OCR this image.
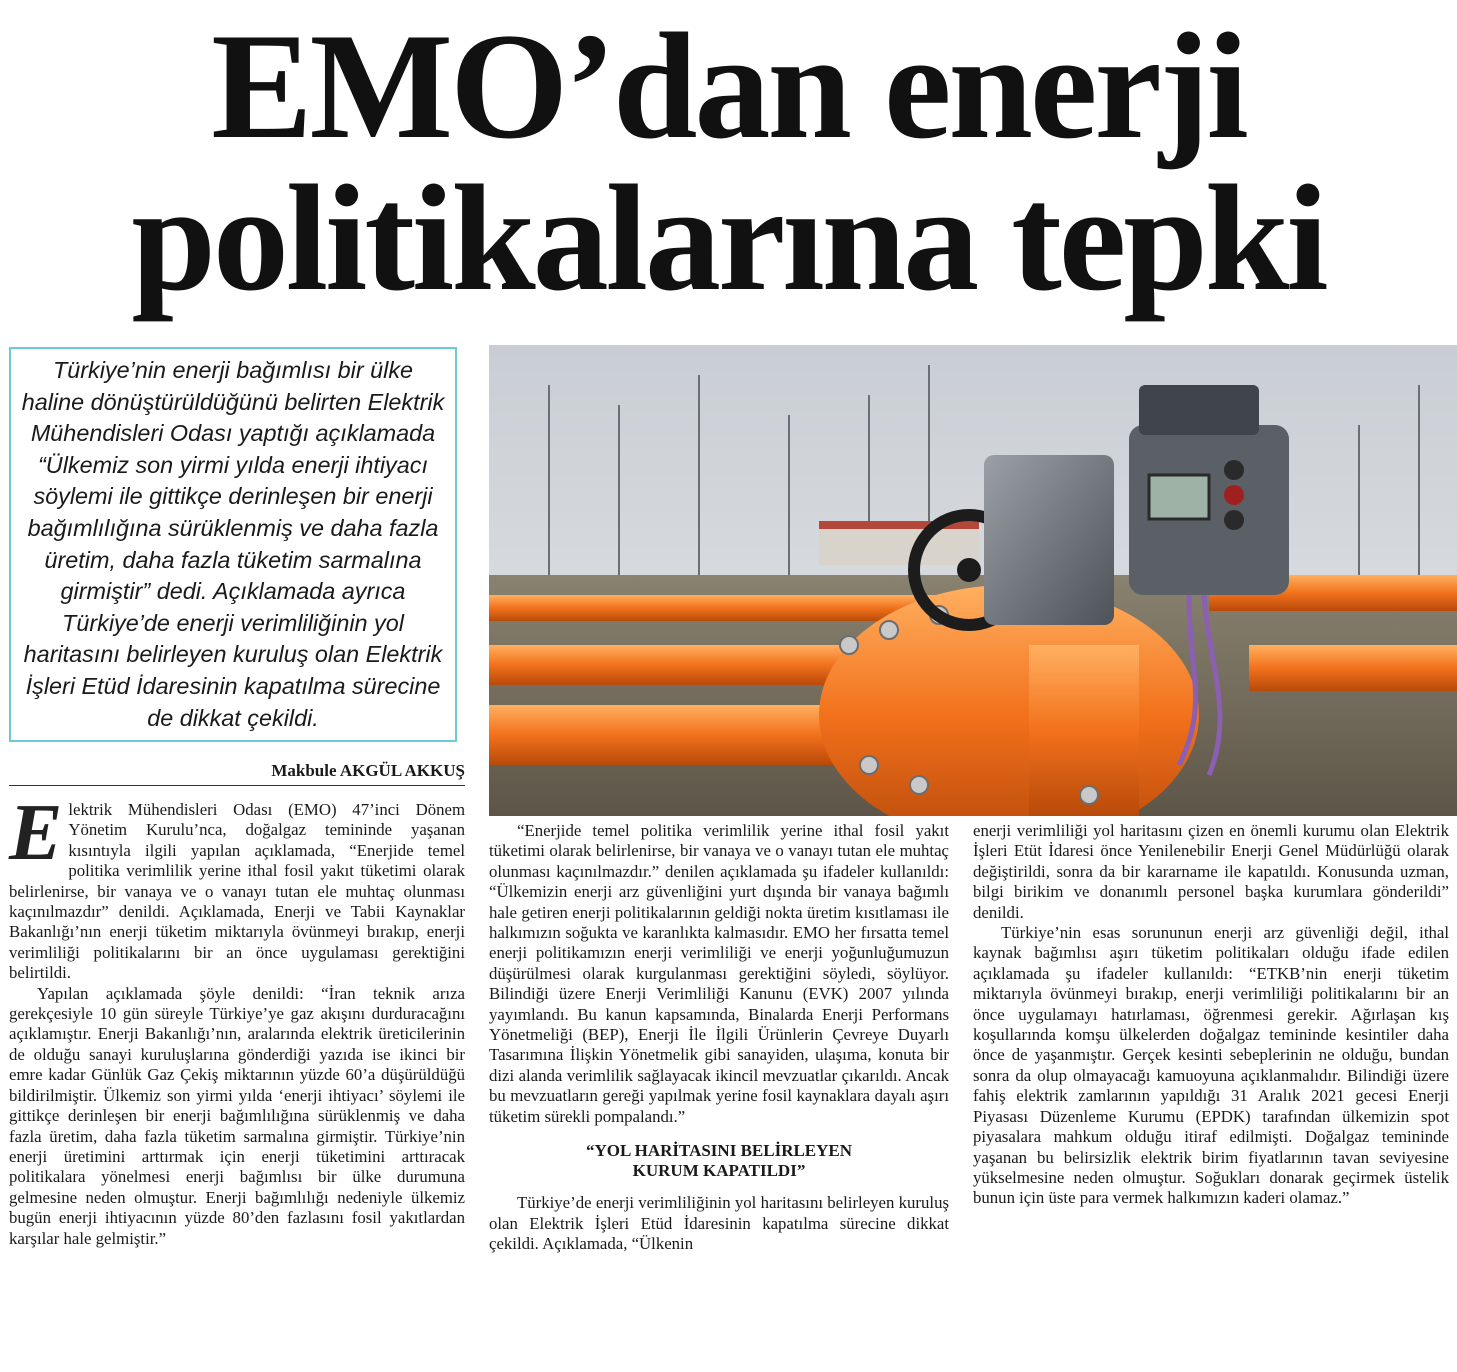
EMO’dan enerji
politikalarına tepki
Türkiye’nin enerji bağımlısı bir ülke haline dönüştürüldüğünü belirten Elektrik Mühendisleri Odası yaptığı açıklamada “Ülkemiz son yirmi yılda enerji ihtiyacı söylemi ile gittikçe derinleşen bir enerji bağımlılığına sürüklenmiş ve daha fazla üretim, daha fazla tüketim sarmalına girmiştir” dedi. Açıklamada ayrıca Türkiye’de enerji verimliliğinin yol haritasını belirleyen kuruluş olan Elektrik İşleri Etüd İdaresinin kapatılma sürecine de dikkat çekildi.
Makbule AKGÜL AKKUŞ

Elektrik Mühendisleri Odası (EMO) 47’inci Dönem Yönetim Kurulu’nca, doğalgaz temininde yaşanan kısıntıyla ilgili yapılan açıklamada, “Enerjide temel politika verimlilik yerine ithal fosil yakıt tüketimi olarak belirlenirse, bir vanaya ve o vanayı tutan ele muhtaç olunması kaçınılmazdır” denildi. Açıklamada, Enerji ve Tabii Kaynaklar Bakanlığı’nın enerji tüketim miktarıyla övünmeyi bırakıp, enerji verimliliği politikalarını bir an önce uygulaması gerektiğini belirtildi.

Yapılan açıklamada şöyle denildi: “İran teknik arıza gerekçesiyle 10 gün süreyle Türkiye’ye gaz akışını durduracağını açıklamıştır. Enerji Bakanlığı’nın, aralarında elektrik üreticilerinin de olduğu sanayi kuruluşlarına gönderdiği yazıda ise ikinci bir emre kadar Günlük Gaz Çekiş miktarının yüzde 60’a düşürüldüğü bildirilmiştir. Ülkemiz son yirmi yılda ‘enerji ihtiyacı’ söylemi ile gittikçe derinleşen bir enerji bağımlılığına sürüklenmiş ve daha fazla üretim, daha fazla tüketim sarmalına girmiştir. Türkiye’nin enerji üretimini arttırmak için enerji tüketimini arttıracak politikalara yönelmesi enerji bağımlısı bir ülke durumuna gelmesine neden olmuştur. Enerji bağımlılığı nedeniyle ülkemiz bugün enerji ihtiyacının yüzde 80’den fazlasını fosil yakıtlardan karşılar hale gelmiştir.”

“Enerjide temel politika verimlilik yerine ithal fosil yakıt tüketimi olarak belirlenirse, bir vanaya ve o vanayı tutan ele muhtaç olunması kaçınılmazdır.” denilen açıklamada şu ifadeler kullanıldı: “Ülkemizin enerji arz güvenliğini yurt dışında bir vanaya bağımlı hale getiren enerji politikalarının geldiği nokta üretim kısıtlaması ile halkımızın soğukta ve karanlıkta kalmasıdır. EMO her fırsatta temel enerji politikamızın enerji verimliliği ve enerji yoğunluğumuzun düşürülmesi olarak kurgulanması gerektiğini söyledi, söylüyor. Bilindiği üzere Enerji Verimliliği Kanunu (EVK) 2007 yılında yayımlandı. Bu kanun kapsamında, Binalarda Enerji Performans Yönetmeliği (BEP), Enerji İle İlgili Ürünlerin Çevreye Duyarlı Tasarımına İlişkin Yönetmelik gibi sanayiden, ulaşıma, konuta bir dizi alanda verimlilik sağlayacak ikincil mevzuatlar çıkarıldı. Ancak bu mevzuatların gereği yapılmak yerine fosil kaynaklara dayalı aşırı tüketim sürekli pompalandı.”

“YOL HARİTASINI BELİRLEYEN
KURUM KAPATILDI”

Türkiye’de enerji verimliliğinin yol haritasını belirleyen kuruluş olan Elektrik İşleri Etüd İdaresinin kapatılma sürecine dikkat çekildi. Açıklamada, “Ülkenin

enerji verimliliği yol haritasını çizen en önemli kurumu olan Elektrik İşleri Etüt İdaresi önce Yenilenebilir Enerji Genel Müdürlüğü olarak değiştirildi, sonra da bir kararname ile kapatıldı. Konusunda uzman, bilgi birikim ve donanımlı personel başka kurumlara gönderildi” denildi.

Türkiye’nin esas sorununun enerji arz güvenliği değil, ithal kaynak bağımlısı aşırı tüketim politikaları olduğu ifade edilen açıklamada şu ifadeler kullanıldı: “ETKB’nin enerji tüketim miktarıyla övünmeyi bırakıp, enerji verimliliği politikalarını bir an önce uygulamayı hatırlaması, öğrenmesi gerekir. Ağırlaşan kış koşullarında komşu ülkelerden doğalgaz temininde kesintiler daha önce de yaşanmıştır. Gerçek kesinti sebeplerinin ne olduğu, bundan sonra da olup olmayacağı kamuoyuna açıklanmalıdır. Bilindiği üzere fahiş elektrik zamlarının yapıldığı 31 Aralık 2021 gecesi Enerji Piyasası Düzenleme Kurumu (EPDK) tarafından ülkemizin spot piyasalara mahkum olduğu itiraf edilmişti. Doğalgaz temininde yaşanan bu belirsizlik elektrik birim fiyatlarının tavan seviyesine yükselmesine neden olmuştur. Soğukları donarak geçirmek üstelik bunun için üste para vermek halkımızın kaderi olamaz.”
